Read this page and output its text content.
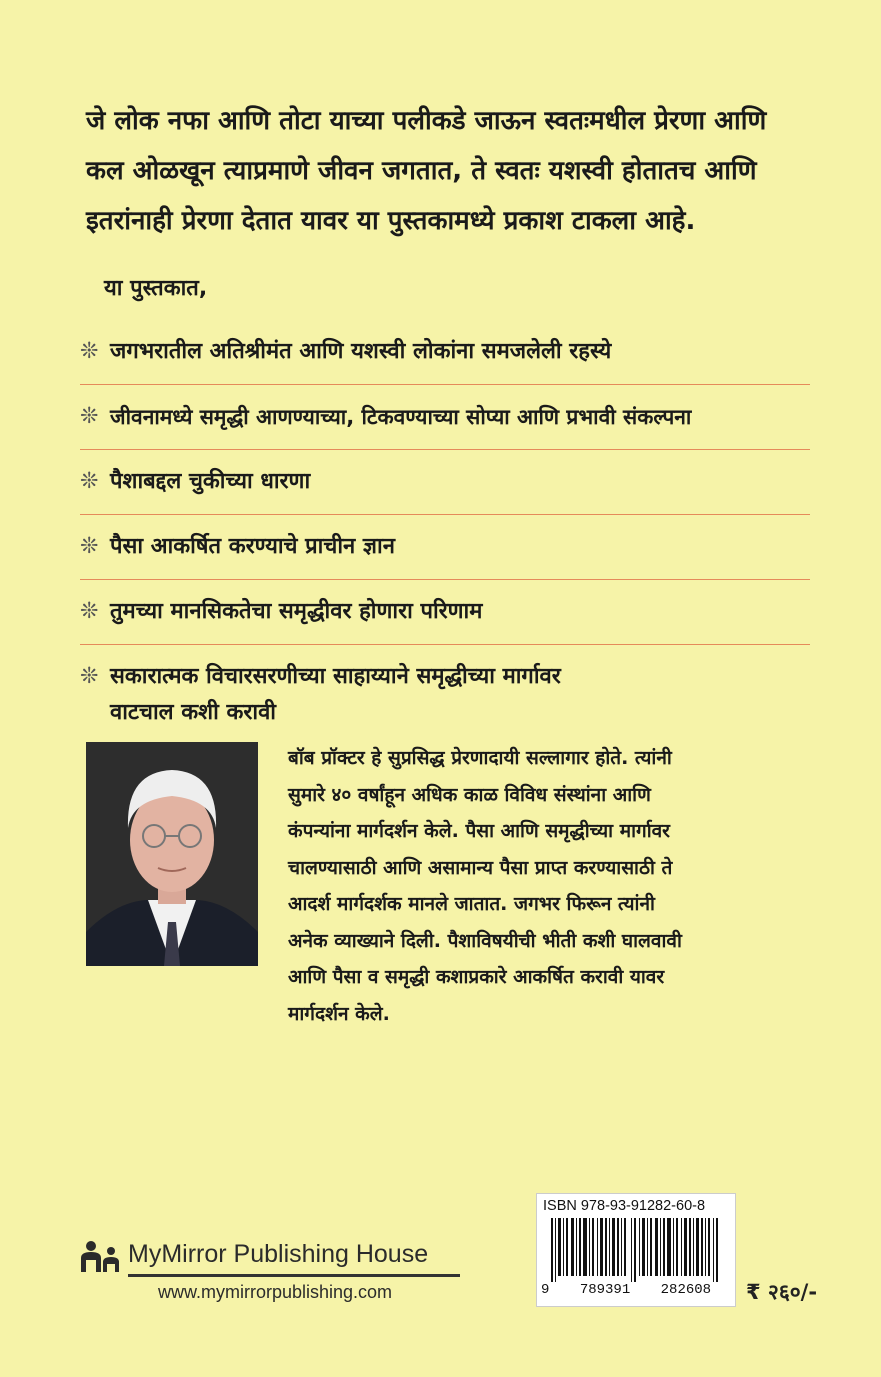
जे लोक नफा आणि तोटा याच्या पलीकडे जाऊन स्वतःमधील प्रेरणा आणि
कल ओळखून त्याप्रमाणे जीवन जगतात, ते स्वतः यशस्वी होतातच आणि
इतरांनाही प्रेरणा देतात यावर या पुस्तकामध्ये प्रकाश टाकला आहे.
या पुस्तकात,
❊ जगभरातील अतिश्रीमंत आणि यशस्वी लोकांना समजलेली रहस्ये
❊ जीवनामध्ये समृद्धी आणण्याच्या, टिकवण्याच्या सोप्या आणि प्रभावी संकल्पना
❊ पैशाबद्दल चुकीच्या धारणा
❊ पैसा आकर्षित करण्याचे प्राचीन ज्ञान
❊ तुमच्या मानसिकतेचा समृद्धीवर होणारा परिणाम
❊ सकारात्मक विचारसरणीच्या साहाय्याने समृद्धीच्या मार्गावर
वाटचाल कशी करावी
बॉब प्रॉक्टर हे सुप्रसिद्ध प्रेरणादायी सल्लागार होते. त्यांनी
सुमारे ४० वर्षांहून अधिक काळ विविध संस्थांना आणि
कंपन्यांना मार्गदर्शन केले. पैसा आणि समृद्धीच्या मार्गावर
चालण्यासाठी आणि असामान्य पैसा प्राप्त करण्यासाठी ते
आदर्श मार्गदर्शक मानले जातात. जगभर फिरून त्यांनी
अनेक व्याख्याने दिली. पैशाविषयीची भीती कशी घालवावी
आणि पैसा व समृद्धी कशाप्रकारे आकर्षित करावी यावर
मार्गदर्शन केले.
MyMirror Publishing House
www.mymirrorpublishing.com
ISBN 978-93-91282-60-8
9 789391 282608	₹ २६०/-
